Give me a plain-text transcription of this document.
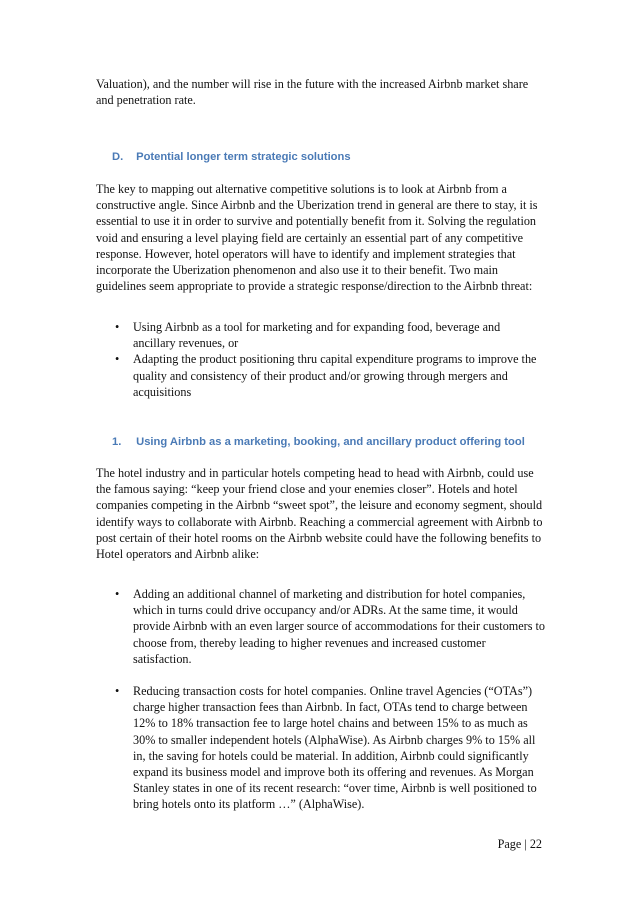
Valuation), and the number will rise in the future with the increased Airbnb market share and penetration rate.

D. Potential longer term strategic solutions

The key to mapping out alternative competitive solutions is to look at Airbnb from a constructive angle. Since Airbnb and the Uberization trend in general are there to stay, it is essential to use it in order to survive and potentially benefit from it. Solving the regulation void and ensuring a level playing field are certainly an essential part of any competitive response. However, hotel operators will have to identify and implement strategies that incorporate the Uberization phenomenon and also use it to their benefit. Two main guidelines seem appropriate to provide a strategic response/direction to the Airbnb threat:

• Using Airbnb as a tool for marketing and for expanding food, beverage and ancillary revenues, or
• Adapting the product positioning thru capital expenditure programs to improve the quality and consistency of their product and/or growing through mergers and acquisitions
1. Using Airbnb as a marketing, booking, and ancillary product offering tool

The hotel industry and in particular hotels competing head to head with Airbnb, could use the famous saying: “keep your friend close and your enemies closer”. Hotels and hotel companies competing in the Airbnb “sweet spot”, the leisure and economy segment, should identify ways to collaborate with Airbnb. Reaching a commercial agreement with Airbnb to post certain of their hotel rooms on the Airbnb website could have the following benefits to Hotel operators and Airbnb alike:

• Adding an additional channel of marketing and distribution for hotel companies, which in turns could drive occupancy and/or ADRs. At the same time, it would provide Airbnb with an even larger source of accommodations for their customers to choose from, thereby leading to higher revenues and increased customer satisfaction.
• Reducing transaction costs for hotel companies. Online travel Agencies (“OTAs”) charge higher transaction fees than Airbnb. In fact, OTAs tend to charge between 12% to 18% transaction fee to large hotel chains and between 15% to as much as 30% to smaller independent hotels (AlphaWise). As Airbnb charges 9% to 15% all in, the saving for hotels could be material. In addition, Airbnb could significantly expand its business model and improve both its offering and revenues. As Morgan Stanley states in one of its recent research: “over time, Airbnb is well positioned to bring hotels onto its platform …” (AlphaWise).
Page | 22
